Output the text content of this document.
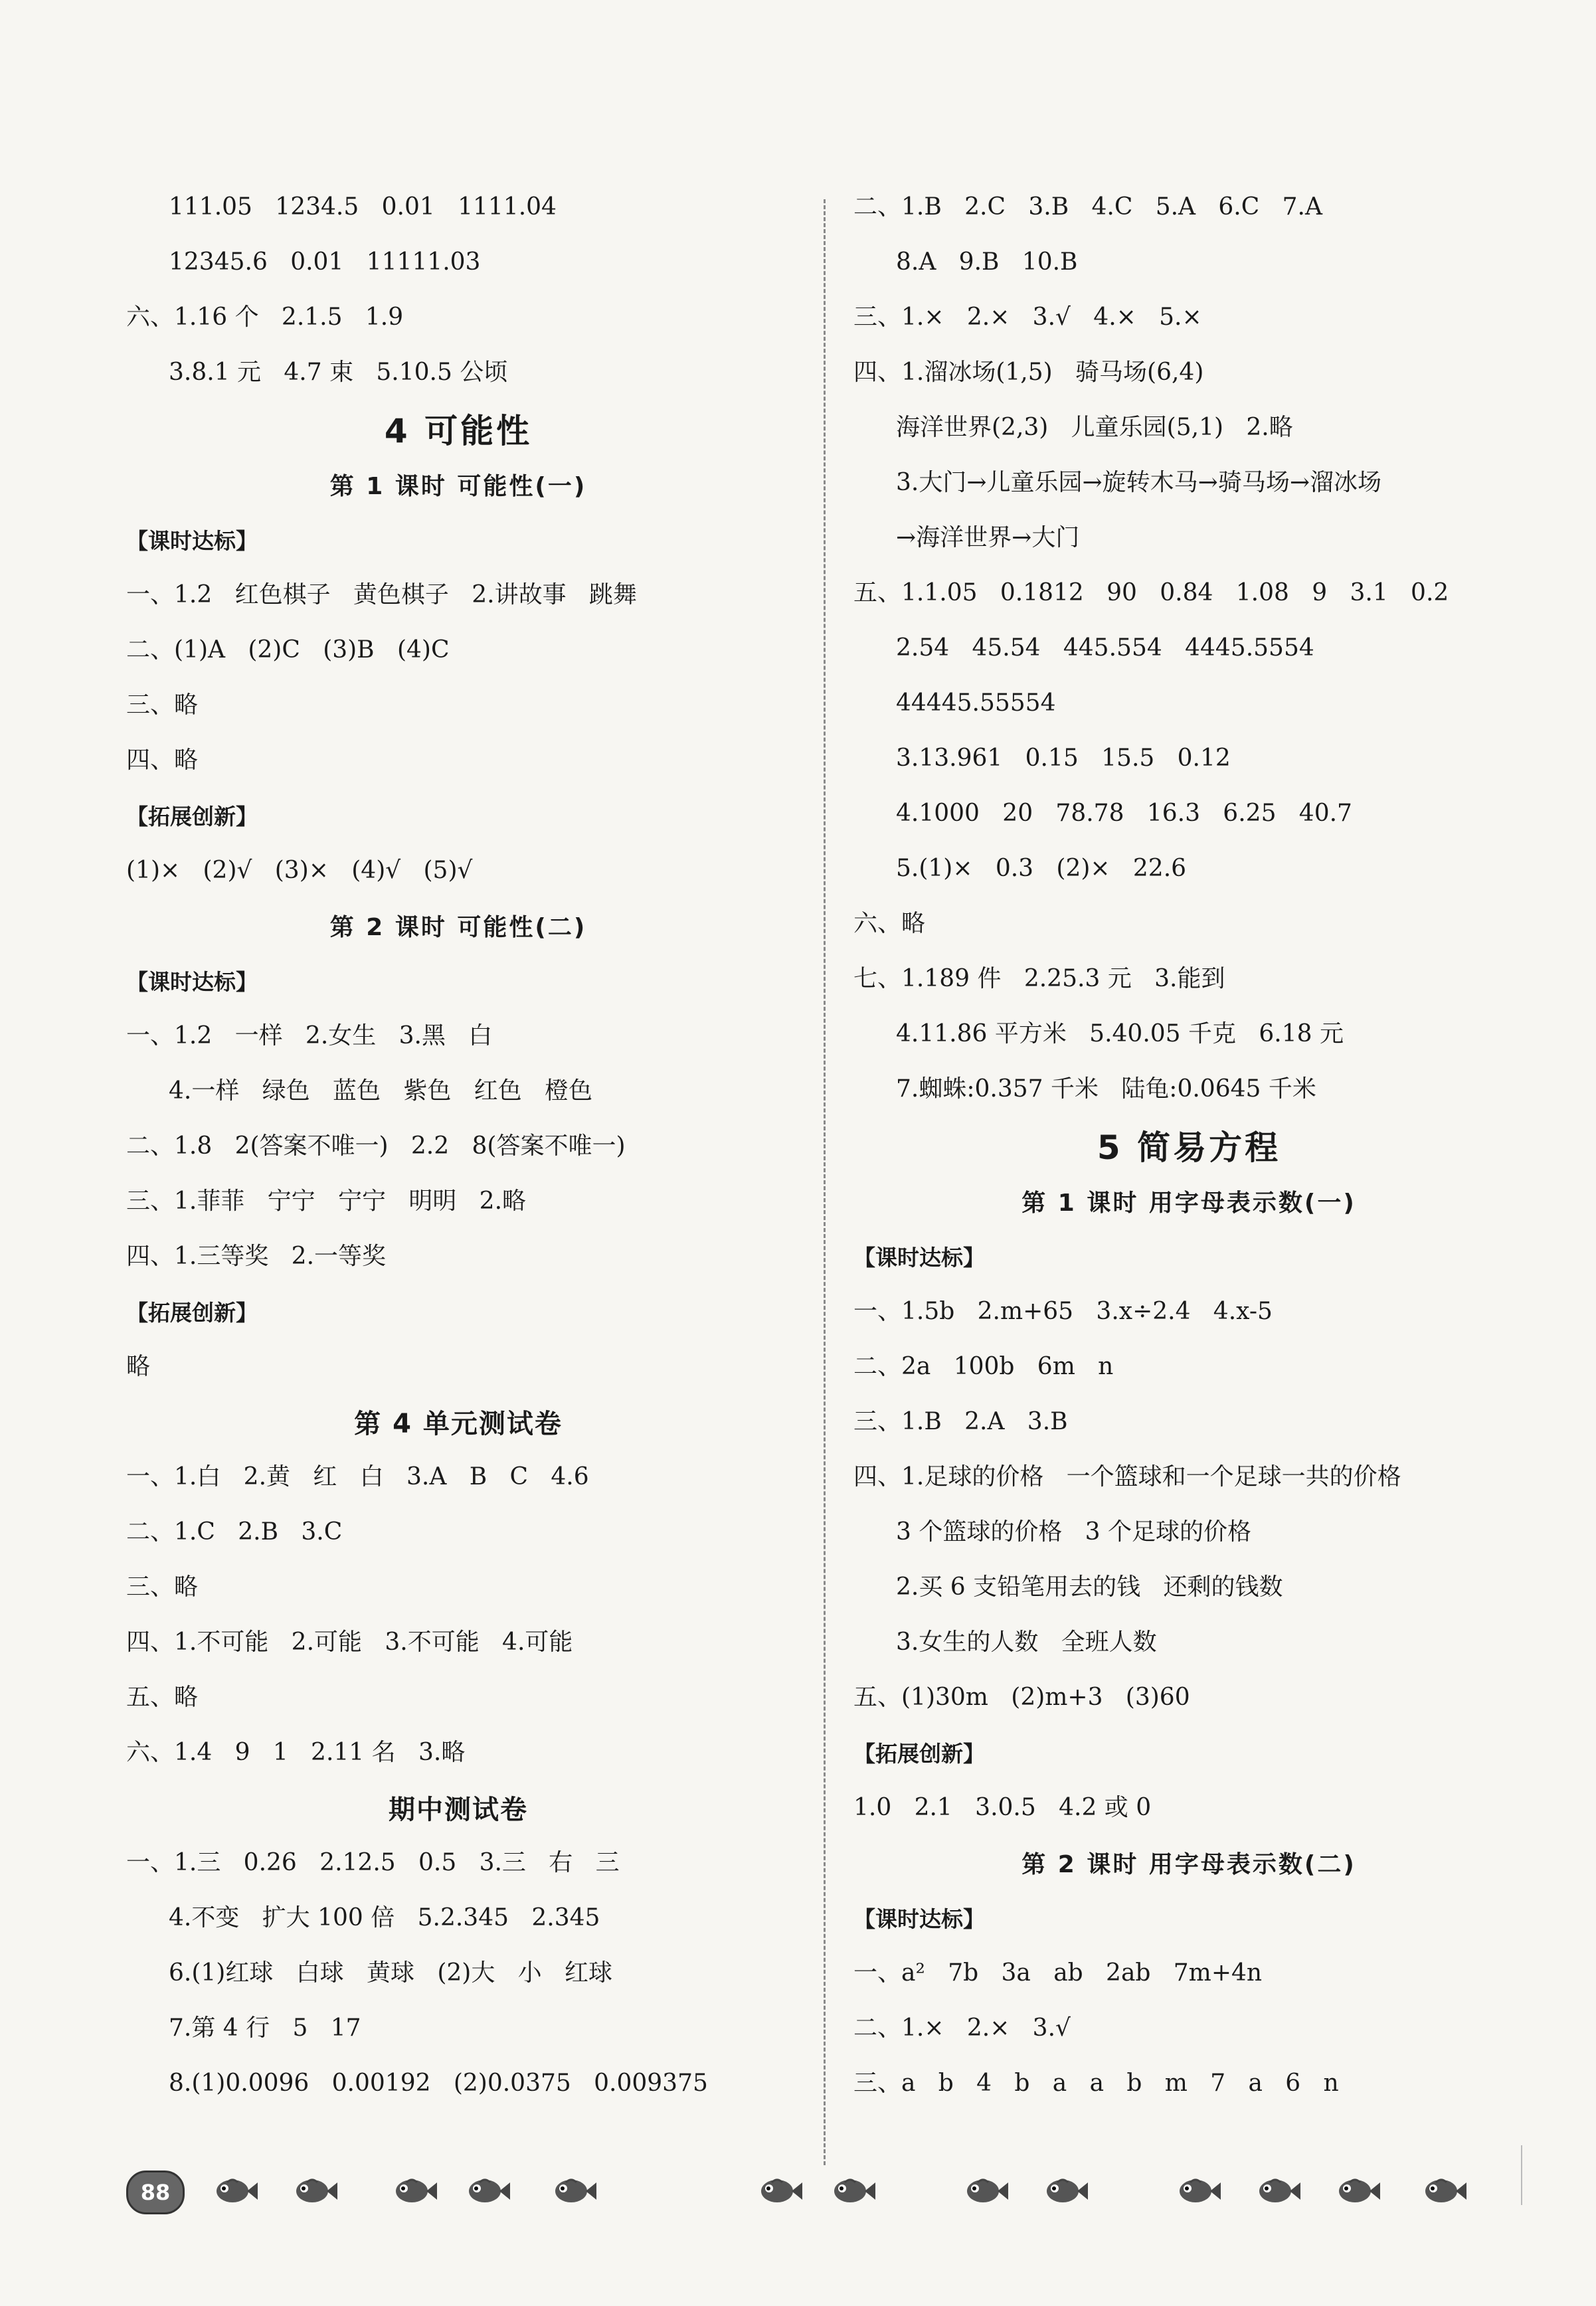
111.05   1234.5   0.01   1111.04
12345.6   0.01   11111.03
六、1.16 个   2.1.5   1.9
3.8.1 元   4.7 束   5.10.5 公顷
4 可能性
第 1 课时 可能性(一)
【课时达标】
一、1.2   红色棋子   黄色棋子   2.讲故事   跳舞
二、(1)A   (2)C   (3)B   (4)C
三、略
四、略
【拓展创新】
(1)×   (2)√   (3)×   (4)√   (5)√
第 2 课时 可能性(二)
【课时达标】
一、1.2   一样   2.女生   3.黑   白
4.一样   绿色   蓝色   紫色   红色   橙色
二、1.8   2(答案不唯一)   2.2   8(答案不唯一)
三、1.菲菲   宁宁   宁宁   明明   2.略
四、1.三等奖   2.一等奖
【拓展创新】
略
第 4 单元测试卷
一、1.白   2.黄   红   白   3.A   B   C   4.6
二、1.C   2.B   3.C
三、略
四、1.不可能   2.可能   3.不可能   4.可能
五、略
六、1.4   9   1   2.11 名   3.略
期中测试卷
一、1.三   0.26   2.12.5   0.5   3.三   右   三
4.不变   扩大 100 倍   5.2.345   2.345
6.(1)红球   白球   黄球   (2)大   小   红球
7.第 4 行   5   17
8.(1)0.0096   0.00192   (2)0.0375   0.009375
二、1.B   2.C   3.B   4.C   5.A   6.C   7.A
8.A   9.B   10.B
三、1.×   2.×   3.√   4.×   5.×
四、1.溜冰场(1,5)   骑马场(6,4)
海洋世界(2,3)   儿童乐园(5,1)   2.略
3.大门→儿童乐园→旋转木马→骑马场→溜冰场
→海洋世界→大门
五、1.1.05   0.1812   90   0.84   1.08   9   3.1   0.2
2.54   45.54   445.554   4445.5554
44445.55554
3.13.961   0.15   15.5   0.12
4.1000   20   78.78   16.3   6.25   40.7
5.(1)×   0.3   (2)×   22.6
六、略
七、1.189 件   2.25.3 元   3.能到
4.11.86 平方米   5.40.05 千克   6.18 元
7.蜘蛛:0.357 千米   陆龟:0.0645 千米
5 简易方程
第 1 课时 用字母表示数(一)
【课时达标】
一、1.5b   2.m+65   3.x÷2.4   4.x-5
二、2a   100b   6m   n
三、1.B   2.A   3.B
四、1.足球的价格   一个篮球和一个足球一共的价格
3 个篮球的价格   3 个足球的价格
2.买 6 支铅笔用去的钱   还剩的钱数
3.女生的人数   全班人数
五、(1)30m   (2)m+3   (3)60
【拓展创新】
1.0   2.1   3.0.5   4.2 或 0
第 2 课时 用字母表示数(二)
【课时达标】
一、a²   7b   3a   ab   2ab   7m+4n
二、1.×   2.×   3.√
三、a   b   4   b   a   a   b   m   7   a   6   n
88
